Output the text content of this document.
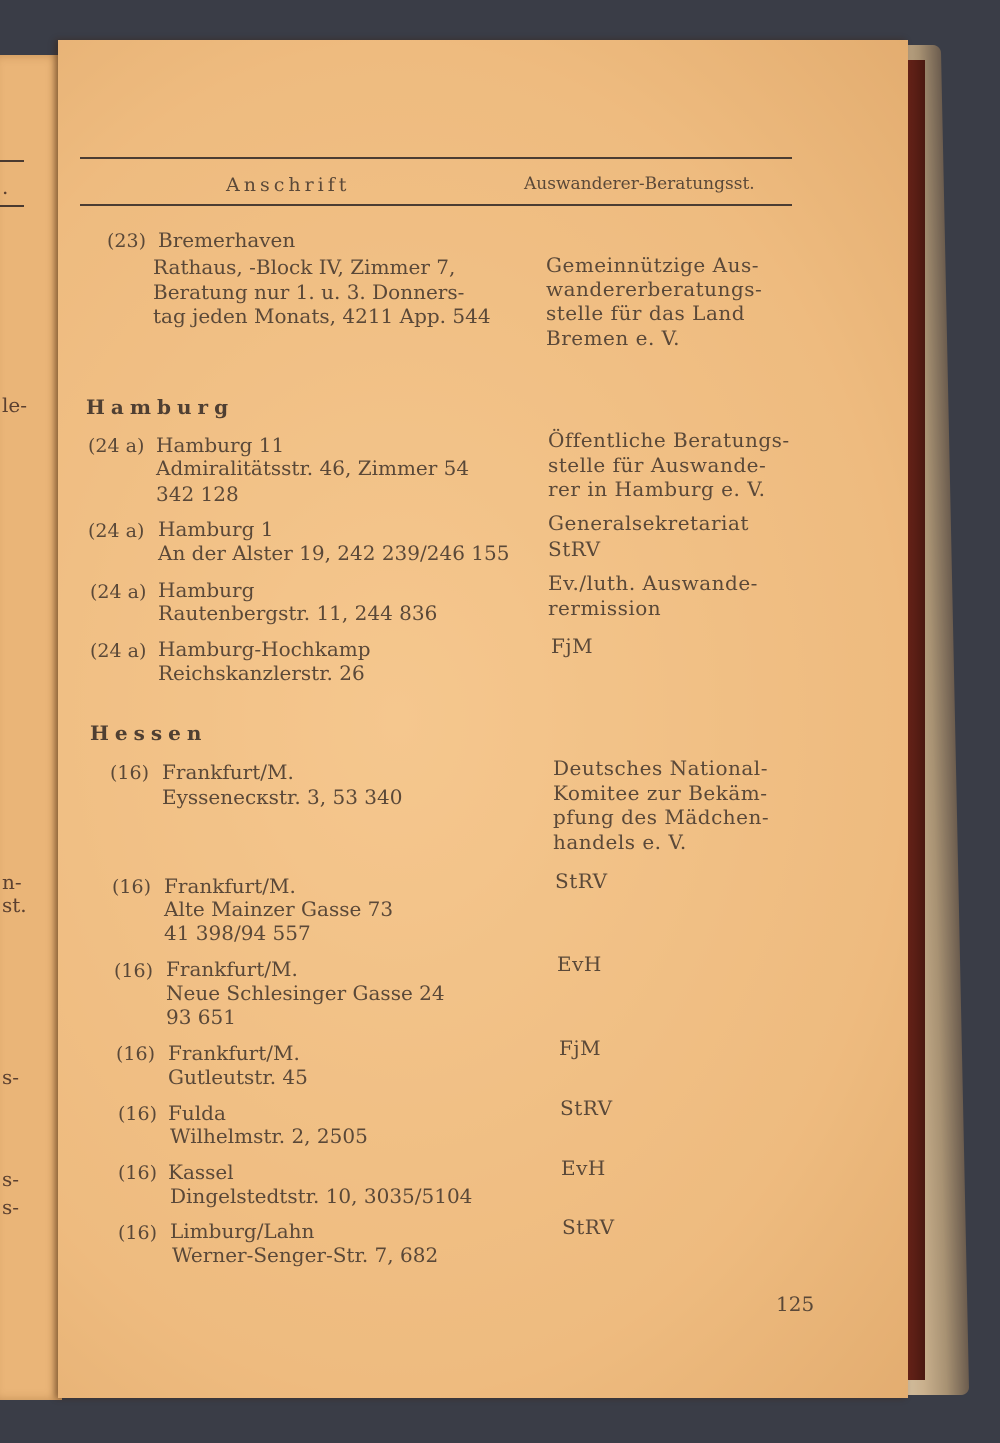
.
le-
n-
st.
s-
s-
s-
Anschrift	Auswanderer-Beratungsst.
(23) Bremerhaven
Rathaus, -Block IV, Zimmer 7,
Beratung nur 1. u. 3. Donners-
tag jeden Monats, 4211 App. 544
Gemeinnützige Aus-
wandererberatungs-
stelle für das Land
Bremen e. V.
Hamburg
(24 a) Hamburg 11
Admiralitätsstr. 46, Zimmer 54
342 128
Öffentliche Beratungs-
stelle für Auswande-
rer in Hamburg e. V.
(24 a) Hamburg 1
An der Alster 19, 242 239/246 155
Generalsekretariat
StRV
(24 a) Hamburg
Rautenbergstr. 11, 244 836
Ev./luth. Auswande-
rermission
(24 a) Hamburg-Hochkamp
Reichskanzlerstr. 26
FjM
Hessen
(16) Frankfurt/M.
Eyssenecкstr. 3, 53 340
Deutsches National-
Komitee zur Bekäm-
pfung des Mädchen-
handels e. V.
(16) Frankfurt/M.
Alte Mainzer Gasse 73
41 398/94 557
StRV
(16) Frankfurt/M.
Neue Schlesinger Gasse 24
93 651
EvH
(16) Frankfurt/M.
Gutleutstr. 45
FjM
(16) Fulda
Wilhelmstr. 2, 2505
StRV
(16) Kassel
Dingelstedtstr. 10, 3035/5104
EvH
(16) Limburg/Lahn
Werner-Senger-Str. 7, 682
StRV
125
